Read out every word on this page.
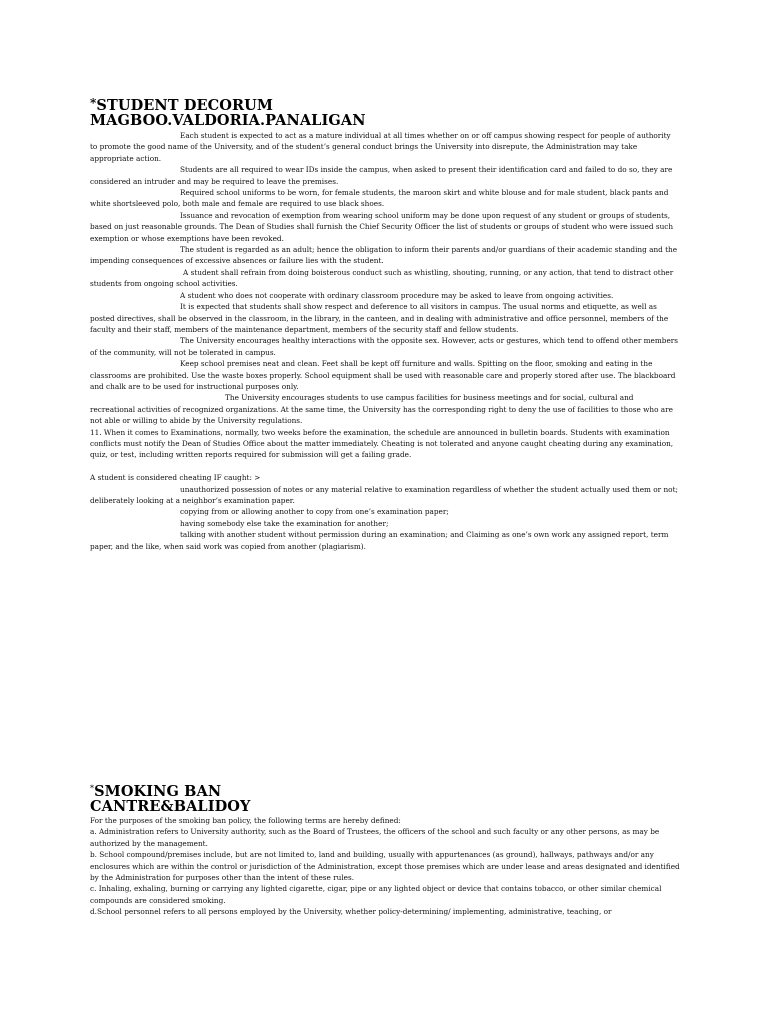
*STUDENT DECORUM
MAGBOO.VALDORIA.PANALIGAN

Each student is expected to act as a mature individual at all times whether on or off campus showing respect for people of authority to promote the good name of the University, and of the student’s general conduct brings the University into disrepute, the Administration may take appropriate action.

Students are all required to wear IDs inside the campus, when asked to present their identification card and failed to do so, they are considered an intruder and may be required to leave the premises.

Required school uniforms to be worn, for female students, the maroon skirt and white blouse and for male student, black pants and white shortsleeved polo, both male and female are required to use black shoes.

Issuance and revocation of exemption from wearing school uniform may be done upon request of any student or groups of students, based on just reasonable grounds. The Dean of Studies shall furnish the Chief Security Officer the list of students or groups of student who were issued such exemption or whose exemptions have been revoked.

The student is regarded as an adult; hence the obligation to inform their parents and/or guardians of their academic standing and the impending consequences of excessive absences or failure lies with the student.

A student shall refrain from doing boisterous conduct such as whistling, shouting, running, or any action, that tend to distract other students from ongoing school activities.

A student who does not cooperate with ordinary classroom procedure may be asked to leave from ongoing activities.

It is expected that students shall show respect and deference to all visitors in campus. The usual norms and etiquette, as well as posted directives, shall be observed in the classroom, in the library, in the canteen, and in dealing with administrative and office personnel, members of the faculty and their staff, members of the maintenance department, members of the security staff and fellow students.

The University encourages healthy interactions with the opposite sex. However, acts or gestures, which tend to offend other members of the community, will not be tolerated in campus.

Keep school premises neat and clean. Feet shall be kept off furniture and walls. Spitting on the floor, smoking and eating in the classrooms are prohibited. Use the waste boxes properly. School equipment shall be used with reasonable care and properly stored after use. The blackboard and chalk are to be used for instructional purposes only.

The University encourages students to use campus facilities for business meetings and for social, cultural and recreational activities of recognized organizations. At the same time, the University has the corresponding right to deny the use of facilities to those who are not able or willing to abide by the University regulations.

11. When it comes to Examinations, normally, two weeks before the examination, the schedule are announced in bulletin boards. Students with examination conflicts must notify the Dean of Studies Office about the matter immediately. Cheating is not tolerated and anyone caught cheating during any examination, quiz, or test, including written reports required for submission will get a failing grade.

A student is considered cheating IF caught: >

unauthorized possession of notes or any material relative to examination regardless of whether the student actually used them or not; deliberately looking at a neighbor’s examination paper.

copying from or allowing another to copy from one’s examination paper;

having somebody else take the examination for another;

talking with another student without permission during an examination; and Claiming as one’s own work any assigned report, term paper, and the like, when said work was copied from another (plagiarism).

*SMOKING BAN
CANTRE&BALIDOY

For the purposes of the smoking ban policy, the following terms are hereby defined:

a. Administration refers to University authority, such as the Board of Trustees, the officers of the school and such faculty or any other persons, as may be authorized by the management.

b. School compound/premises include, but are not limited to, land and building, usually with appurtenances (as ground), hallways, pathways and/or any enclosures which are within the control or jurisdiction of the Administration, except those premises which are under lease and areas designated and identified by the Administration for purposes other than the intent of these rules.

c. Inhaling, exhaling, burning or carrying any lighted cigarette, cigar, pipe or any lighted object or device that contains tobacco, or other similar chemical compounds are considered smoking.

d.School personnel refers to all persons employed by the University, whether policy-determining/ implementing, administrative, teaching, or
